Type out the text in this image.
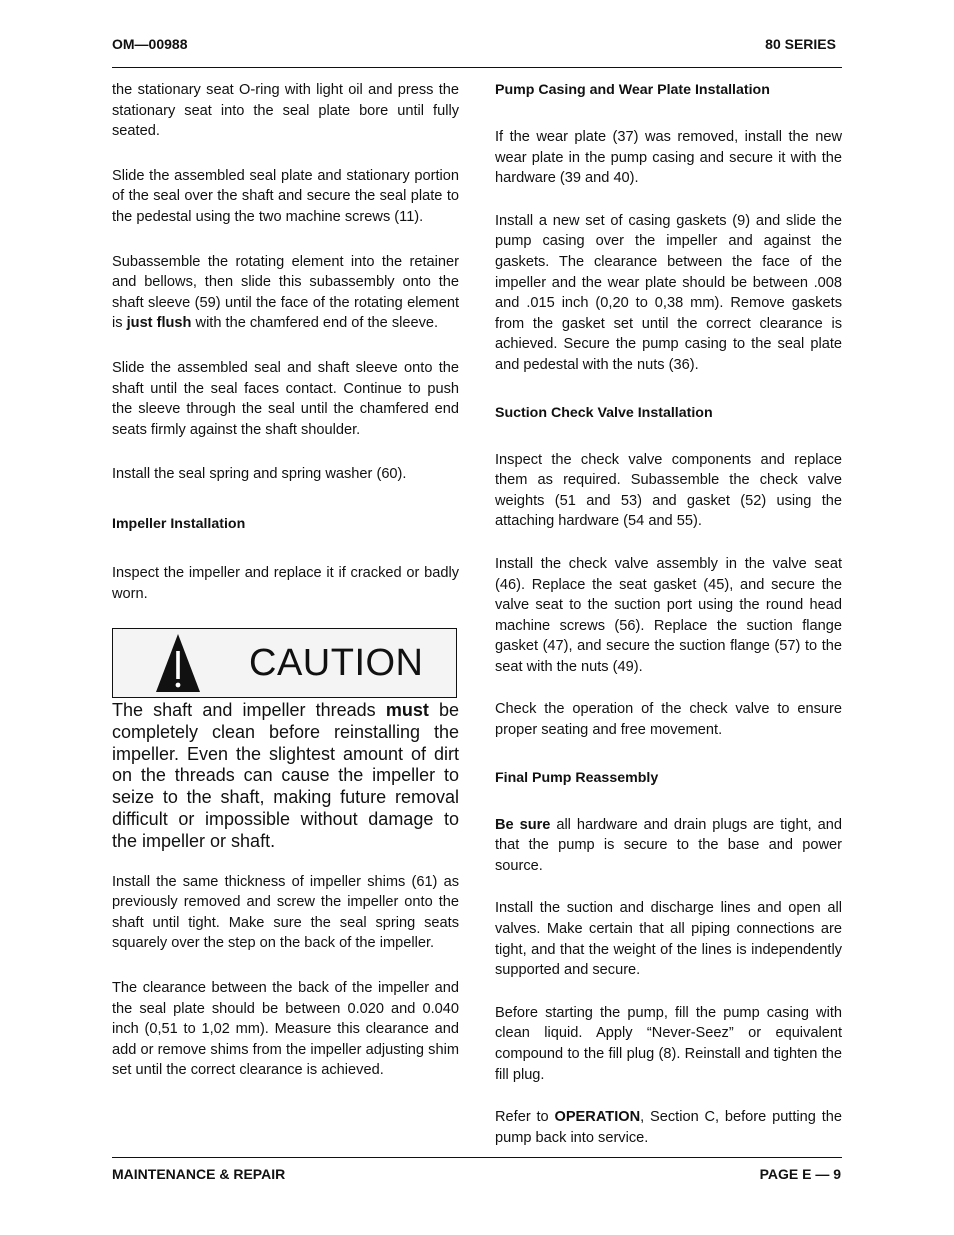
OM—00988	80 SERIES

the stationary seat O-ring with light oil and press the stationary seat into the seal plate bore until fully seated.

Slide the assembled seal plate and stationary portion of the seal over the shaft and secure the seal plate to the pedestal using the two machine screws (11).

Subassemble the rotating element into the retainer and bellows, then slide this subassembly onto the shaft sleeve (59) until the face of the rotating element is just flush with the chamfered end of the sleeve.

Slide the assembled seal and shaft sleeve onto the shaft until the seal faces contact. Continue to push the sleeve through the seal until the chamfered end seats firmly against the shaft shoulder.

Install the seal spring and spring washer (60).

Impeller Installation

Inspect the impeller and replace it if cracked or badly worn.

CAUTION

The shaft and impeller threads must be completely clean before reinstalling the impeller. Even the slightest amount of dirt on the threads can cause the impeller to seize to the shaft, making future removal difficult or impossible without damage to the impeller or shaft.

Install the same thickness of impeller shims (61) as previously removed and screw the impeller onto the shaft until tight. Make sure the seal spring seats squarely over the step on the back of the impeller.

The clearance between the back of the impeller and the seal plate should be between 0.020 and 0.040 inch (0,51 to 1,02 mm). Measure this clearance and add or remove shims from the impeller adjusting shim set until the correct clearance is achieved.

Pump Casing and Wear Plate Installation

If the wear plate (37) was removed, install the new wear plate in the pump casing and secure it with the hardware (39 and 40).

Install a new set of casing gaskets (9) and slide the pump casing over the impeller and against the gaskets. The clearance between the face of the impeller and the wear plate should be between .008 and .015 inch (0,20 to 0,38 mm). Remove gaskets from the gasket set until the correct clearance is achieved. Secure the pump casing to the seal plate and pedestal with the nuts (36).

Suction Check Valve Installation

Inspect the check valve components and replace them as required. Subassemble the check valve weights (51 and 53) and gasket (52) using the attaching hardware (54 and 55).

Install the check valve assembly in the valve seat (46). Replace the seat gasket (45), and secure the valve seat to the suction port using the round head machine screws (56). Replace the suction flange gasket (47), and secure the suction flange (57) to the seat with the nuts (49).

Check the operation of the check valve to ensure proper seating and free movement.

Final Pump Reassembly

Be sure all hardware and drain plugs are tight, and that the pump is secure to the base and power source.

Install the suction and discharge lines and open all valves. Make certain that all piping connections are tight, and that the weight of the lines is independently supported and secure.

Before starting the pump, fill the pump casing with clean liquid. Apply “Never-Seez” or equivalent compound to the fill plug (8). Reinstall and tighten the fill plug.

Refer to OPERATION, Section C, before putting the pump back into service.

MAINTENANCE & REPAIR	PAGE E — 9
